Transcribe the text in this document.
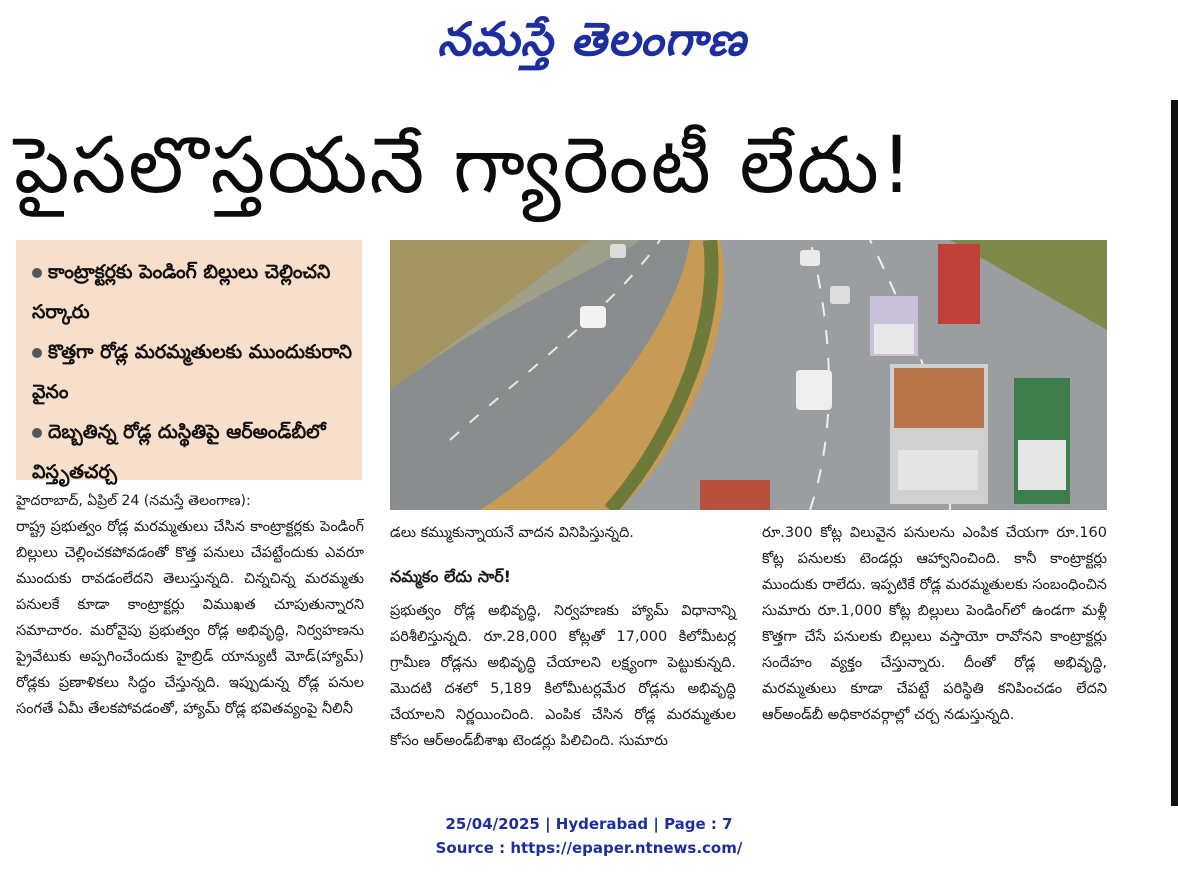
నమస్తే తెలంగాణ
పైసలొస్తయనే గ్యారెంటీ లేదు!
కాంట్రాక్టర్లకు పెండింగ్ బిల్లులు చెల్లించని సర్కారు
కొత్తగా రోడ్ల మరమ్మతులకు ముందుకురాని వైనం
దెబ్బతిన్న రోడ్ల దుస్థితిపై ఆర్‌అండ్‌బీలో విస్తృతచర్చ
హైదరాబాద్, ఏప్రిల్ 24 (నమస్తే తెలంగాణ):
రాష్ట్ర ప్రభుత్వం రోడ్ల మరమ్మతులు చేసిన కాంట్రాక్టర్లకు పెండింగ్ బిల్లులు చెల్లించకపోవడంతో కొత్త పనులు చేపట్టేందుకు ఎవరూ ముందుకు రావడంలేదని తెలుస్తున్నది. చిన్నచిన్న మరమ్మతు పనులకే కూడా కాంట్రాక్టర్లు విముఖత చూపుతున్నారని సమాచారం. మరోవైపు ప్రభుత్వం రోడ్ల అభివృద్ధి, నిర్వహణను ప్రైవేటుకు అప్పగించేందుకు హైబ్రిడ్ యాన్యుటీ మోడ్(హ్యామ్) రోడ్లకు ప్రణాళికలు సిద్ధం చేస్తున్నది. ఇప్పుడున్న రోడ్ల పనుల సంగతే ఏమీ తేలకపోవడంతో, హ్యామ్ రోడ్ల భవితవ్యంపై నీలినీ
డలు కమ్ముకున్నాయనే వాదన వినిపిస్తున్నది.
నమ్మకం లేదు సార్!
ప్రభుత్వం రోడ్ల అభివృద్ధి, నిర్వహణకు హ్యామ్ విధానాన్ని పరిశీలిస్తున్నది. రూ.28,000 కోట్లతో 17,000 కిలోమీటర్ల గ్రామీణ రోడ్లను అభివృద్ధి చేయాలని లక్ష్యంగా పెట్టుకున్నది. మొదటి దశలో 5,189 కిలోమీటర్లమేర రోడ్లను అభివృద్ధి చేయాలని నిర్ణయించింది. ఎంపిక చేసిన రోడ్ల మరమ్మతుల కోసం ఆర్‌అండ్‌బీశాఖ టెండర్లు పిలిచింది. సుమారు
రూ.300 కోట్ల విలువైన పనులను ఎంపిక చేయగా రూ.160 కోట్ల పనులకు టెండర్లు ఆహ్వానించింది. కానీ కాంట్రాక్టర్లు ముందుకు రాలేదు. ఇప్పటికే రోడ్ల మరమ్మతులకు సంబంధించిన సుమారు రూ.1,000 కోట్ల బిల్లులు పెండింగ్‌లో ఉండగా మళ్లీ కొత్తగా చేసే పనులకు బిల్లులు వస్తాయో రావోనని కాంట్రాక్టర్లు సందేహం వ్యక్తం చేస్తున్నారు. దీంతో రోడ్ల అభివృద్ధి, మరమ్మతులు కూడా చేపట్టే పరిస్థితి కనిపించడం లేదని ఆర్‌అండ్‌బీ అధికారవర్గాల్లో చర్చ నడుస్తున్నది.
25/04/2025 | Hyderabad | Page : 7
Source : https://epaper.ntnews.com/
